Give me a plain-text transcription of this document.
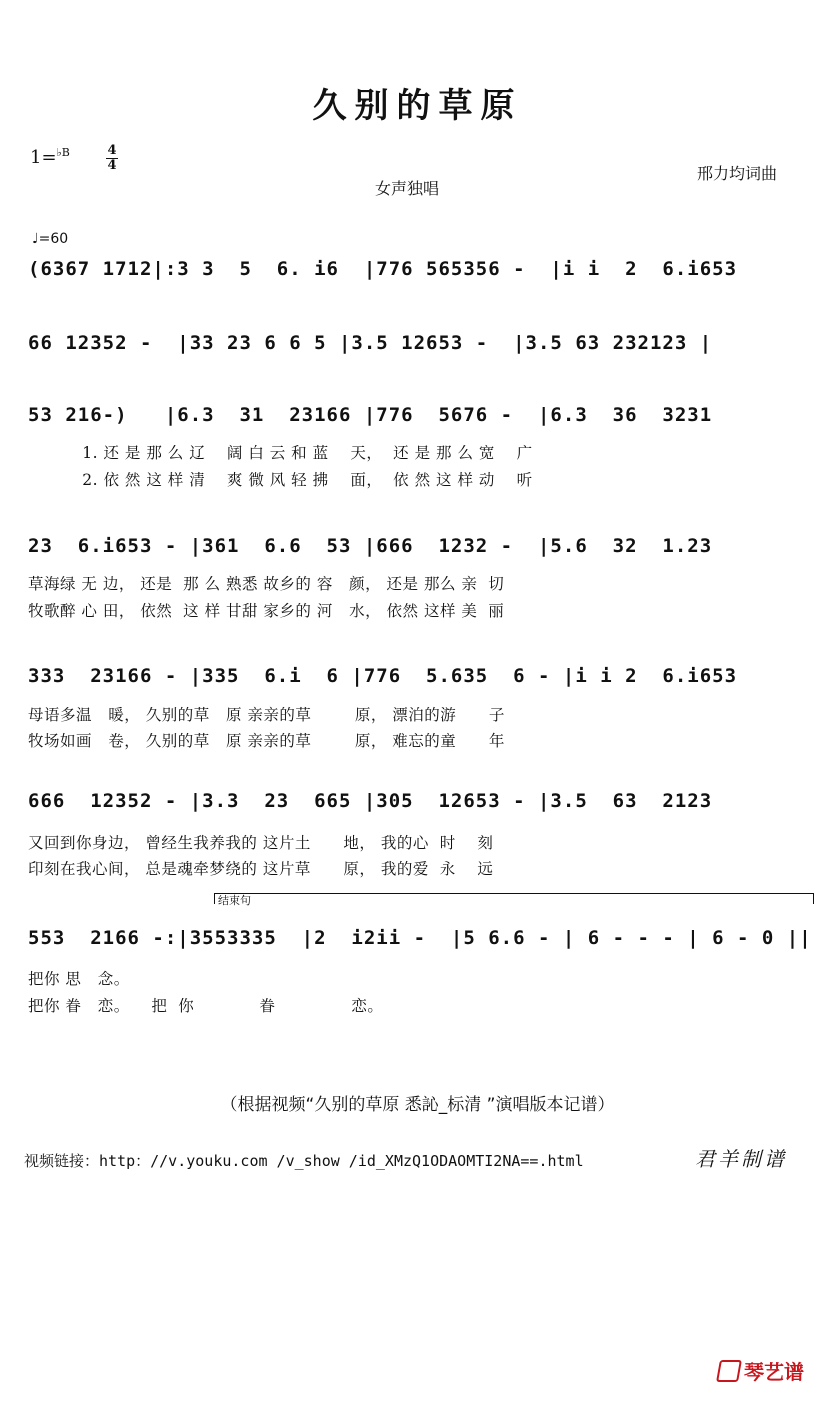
久别的草原
1=$^{♭B}$	4
4
女声独唱
邢力均词曲
♩=60
(6367 1712|:3 3  5  6. i6  |776 565356 -  |i i  2  6.i653
66 12352 -  |33 23 6 6 5 |3.5 12653 -  |3.5 63 232123 |
53 216-)   |6.3  31  23166 |776  5676 -  |6.3  36  3231
1. 还 是 那 么 辽    阔 白 云 和 蓝    天，  还 是 那 么 宽    广
2. 依 然 这 样 清    爽 微 风 轻 拂    面，  依 然 这 样 动    听
23  6.i653 - |361  6.6  53 |666  1232 -  |5.6  32  1.23
草海绿 无 边， 还是  那 么 熟悉 故乡的 容   颜， 还是 那么 亲  切
牧歌醉 心 田， 依然  这 样 甘甜 家乡的 河   水， 依然 这样 美  丽
333  23166 - |335  6.i  6 |776  5.635  6 - |i i 2  6.i653
母语多温   暖， 久别的草   原 亲亲的草        原， 漂泊的游      子
牧场如画   卷， 久别的草   原 亲亲的草        原， 难忘的童      年
666  12352 - |3.3  23  665 |305  12653 - |3.5  63  2123
又回到你身边， 曾经生我养我的 这片土      地， 我的心  时    刻
印刻在我心间， 总是魂牵梦绕的 这片草      原， 我的爱  永    远
结束句
553  2166 -:|3553335  |2  i2ii -  |5 6.6 - | 6 - - - | 6 - 0 ||
把你 思   念。
把你 眷   恋。    把  你            眷              恋。
（根据视频“久别的草原 悉訫_标清 ”演唱版本记谱）
视频链接：http：//v.youku.com /v_show /id_XMzQ1ODAOMTI2NA==.html	君羊制谱
琴艺谱
